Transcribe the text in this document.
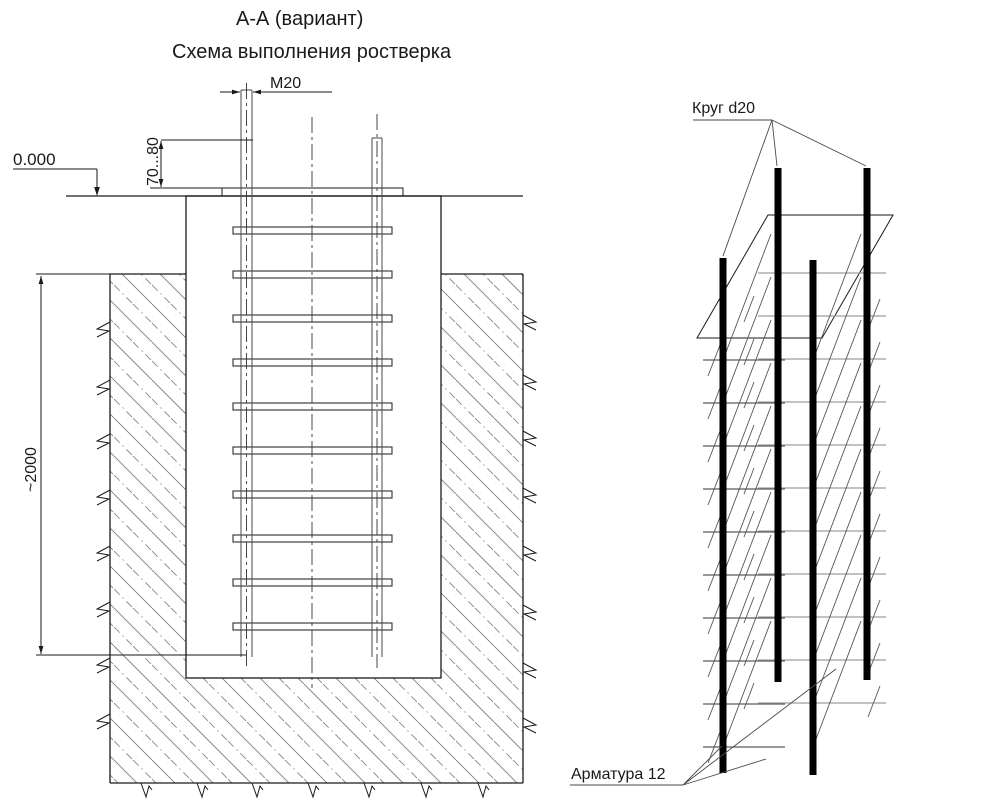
М20
0.000	70...80
~2000
Круг d20
Арматура 12
А-А (вариант)
Схема выполнения ростверка
